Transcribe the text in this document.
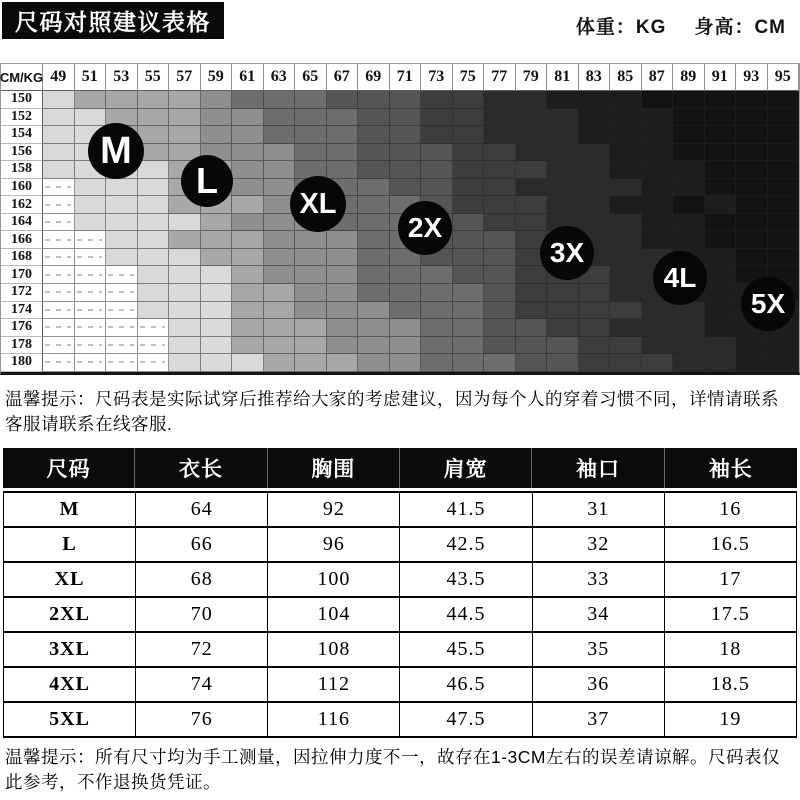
尺码对照建议表格	体重：KG 身高：CM
CM/KG 49 51 53 55 57 59 61 63 65 67 69 71 73 75 77 79 81 83 85 87 89 91 93 95
150
152
154
156
158
160
162
164
166
168
170
172
174
176
178
180
M
L
XL
2X
3X
4L
5X

温馨提示：尺码表是实际试穿后推荐给大家的考虑建议，因为每个人的穿着习惯不同，详情请联系客服请联系在线客服.

尺码	衣长	胸围	肩宽	袖口	袖长
M	64	92	41.5	31	16
L	66	96	42.5	32	16.5
XL	68	100	43.5	33	17
2XL	70	104	44.5	34	17.5
3XL	72	108	45.5	35	18
4XL	74	112	46.5	36	18.5
5XL	76	116	47.5	37	19

温馨提示：所有尺寸均为手工测量，因拉伸力度不一，故存在1-3CM左右的误差请谅解。尺码表仅此参考，不作退换货凭证。
